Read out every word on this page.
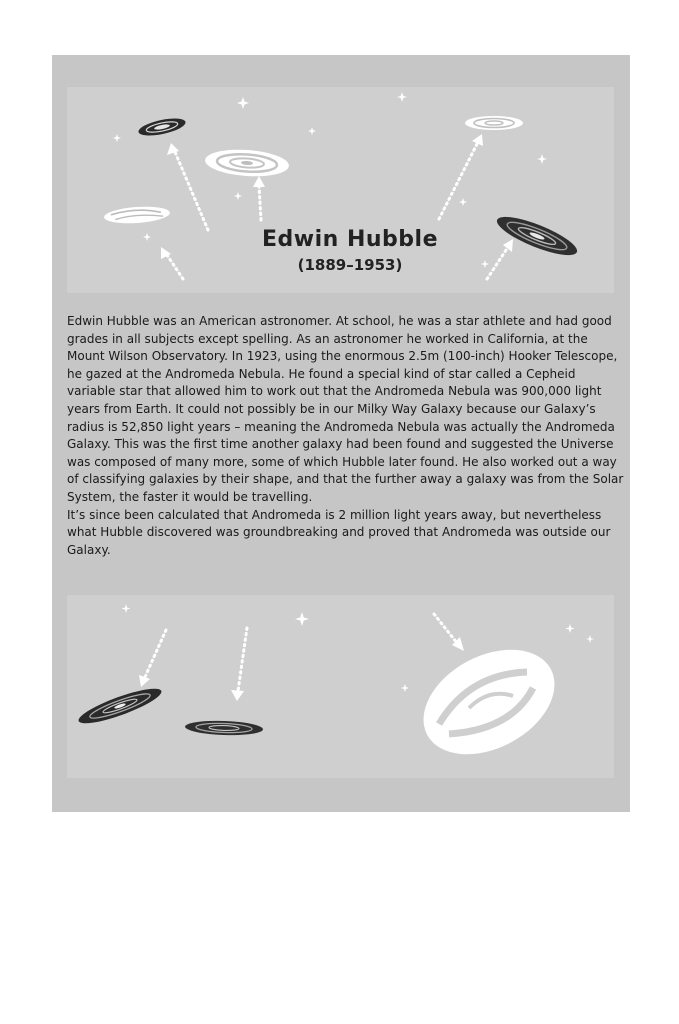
Edwin Hubble
(1889–1953)

Edwin Hubble was an American astronomer. At school, he was a star athlete and had good grades in all subjects except spelling. As an astronomer he worked in California, at the Mount Wilson Observatory. In 1923, using the enormous 2.5m (100-inch) Hooker Telescope, he gazed at the Andromeda Nebula. He found a special kind of star called a Cepheid variable star that allowed him to work out that the Andromeda Nebula was 900,000 light years from Earth. It could not possibly be in our Milky Way Galaxy because our Galaxy’s radius is 52,850 light years – meaning the Andromeda Nebula was actually the Andromeda Galaxy. This was the first time another galaxy had been found and suggested the Universe was composed of many more, some of which Hubble later found. He also worked out a way of classifying galaxies by their shape, and that the further away a galaxy was from the Solar System, the faster it would be travelling.

It’s since been calculated that Andromeda is 2 million light years away, but nevertheless what Hubble discovered was groundbreaking and proved that Andromeda was outside our Galaxy.
